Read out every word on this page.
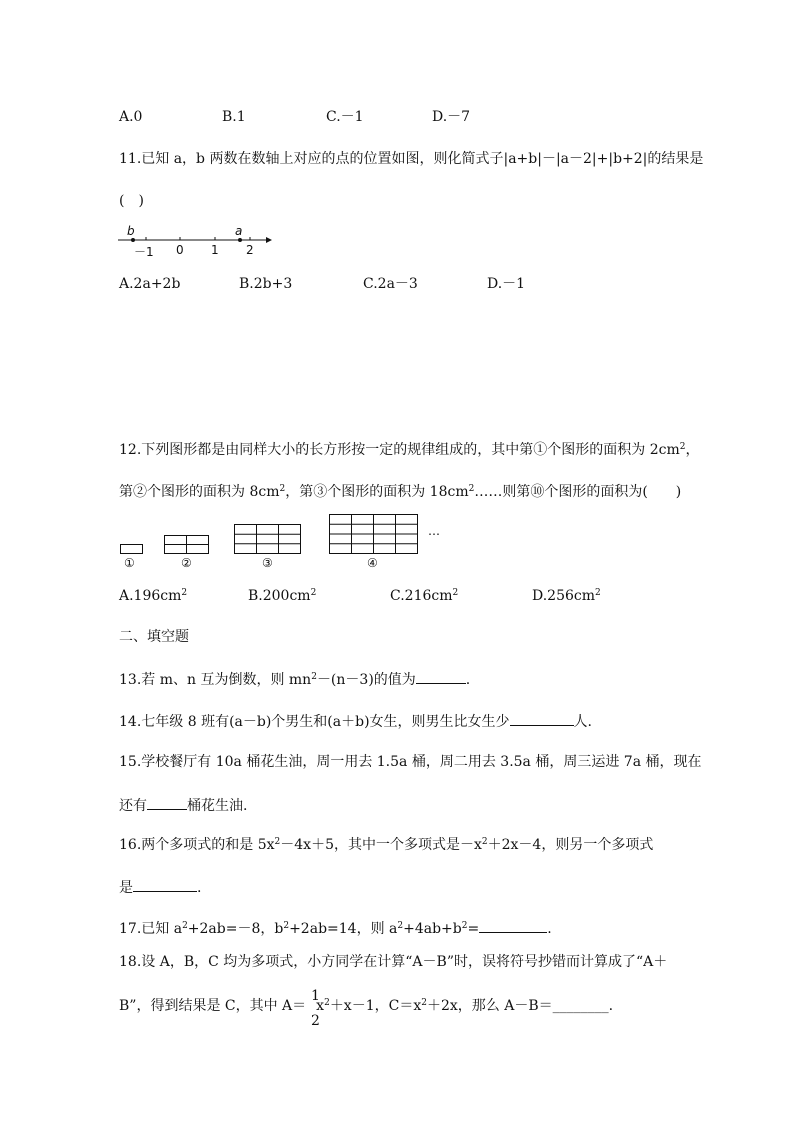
A.0	B.1	C.－1	D.－7
11.已知 a，b 两数在数轴上对应的点的位置如图，则化简式子|a+b|－|a－2|+|b+2|的结果是
(　)
b	a
－1 0 1 2
A.2a+2b	B.2b+3	C.2a－3	D.－1
12.下列图形都是由同样大小的长方形按一定的规律组成的，其中第①个图形的面积为 $2cm^2$，
第②个图形的面积为 $8cm^2$，第③个图形的面积为 $18cm^2\dots\dots$则第⑩个图形的面积为(　　)
…
①	②	③	④
$A.196cm^2$	$B.200cm^2$	$C.216cm^2$	$D.256cm^2$
二、填空题
13.若 m、n 互为倒数，则 $mn^2-(n-3)$的值为	.
14.七年级 8 班有(a－b)个男生和(a＋b)女生，则男生比女生少	人.
15.学校餐厅有 10a 桶花生油，周一用去 1.5a 桶，周二用去 3.5a 桶，周三运进 7a 桶，现在
还有	桶花生油.
16.两个多项式的和是 $5x^2-4x+5$，其中一个多项式是$-x^2+2x-4$，则另一个多项式
是	.
17.已知 $a^2+2ab=-8$，$b^2+2ab=14$，则 $a^2+4ab+b^2=$	.
18.设 A，B，C 均为多项式，小方同学在计算“A－B”时，误将符号抄错而计算成了“A＋
B”，得到结果是 C，其中 $A= x^2+x-1$，$C=x^2+2x$，那么 A－B＝________.
1
2
